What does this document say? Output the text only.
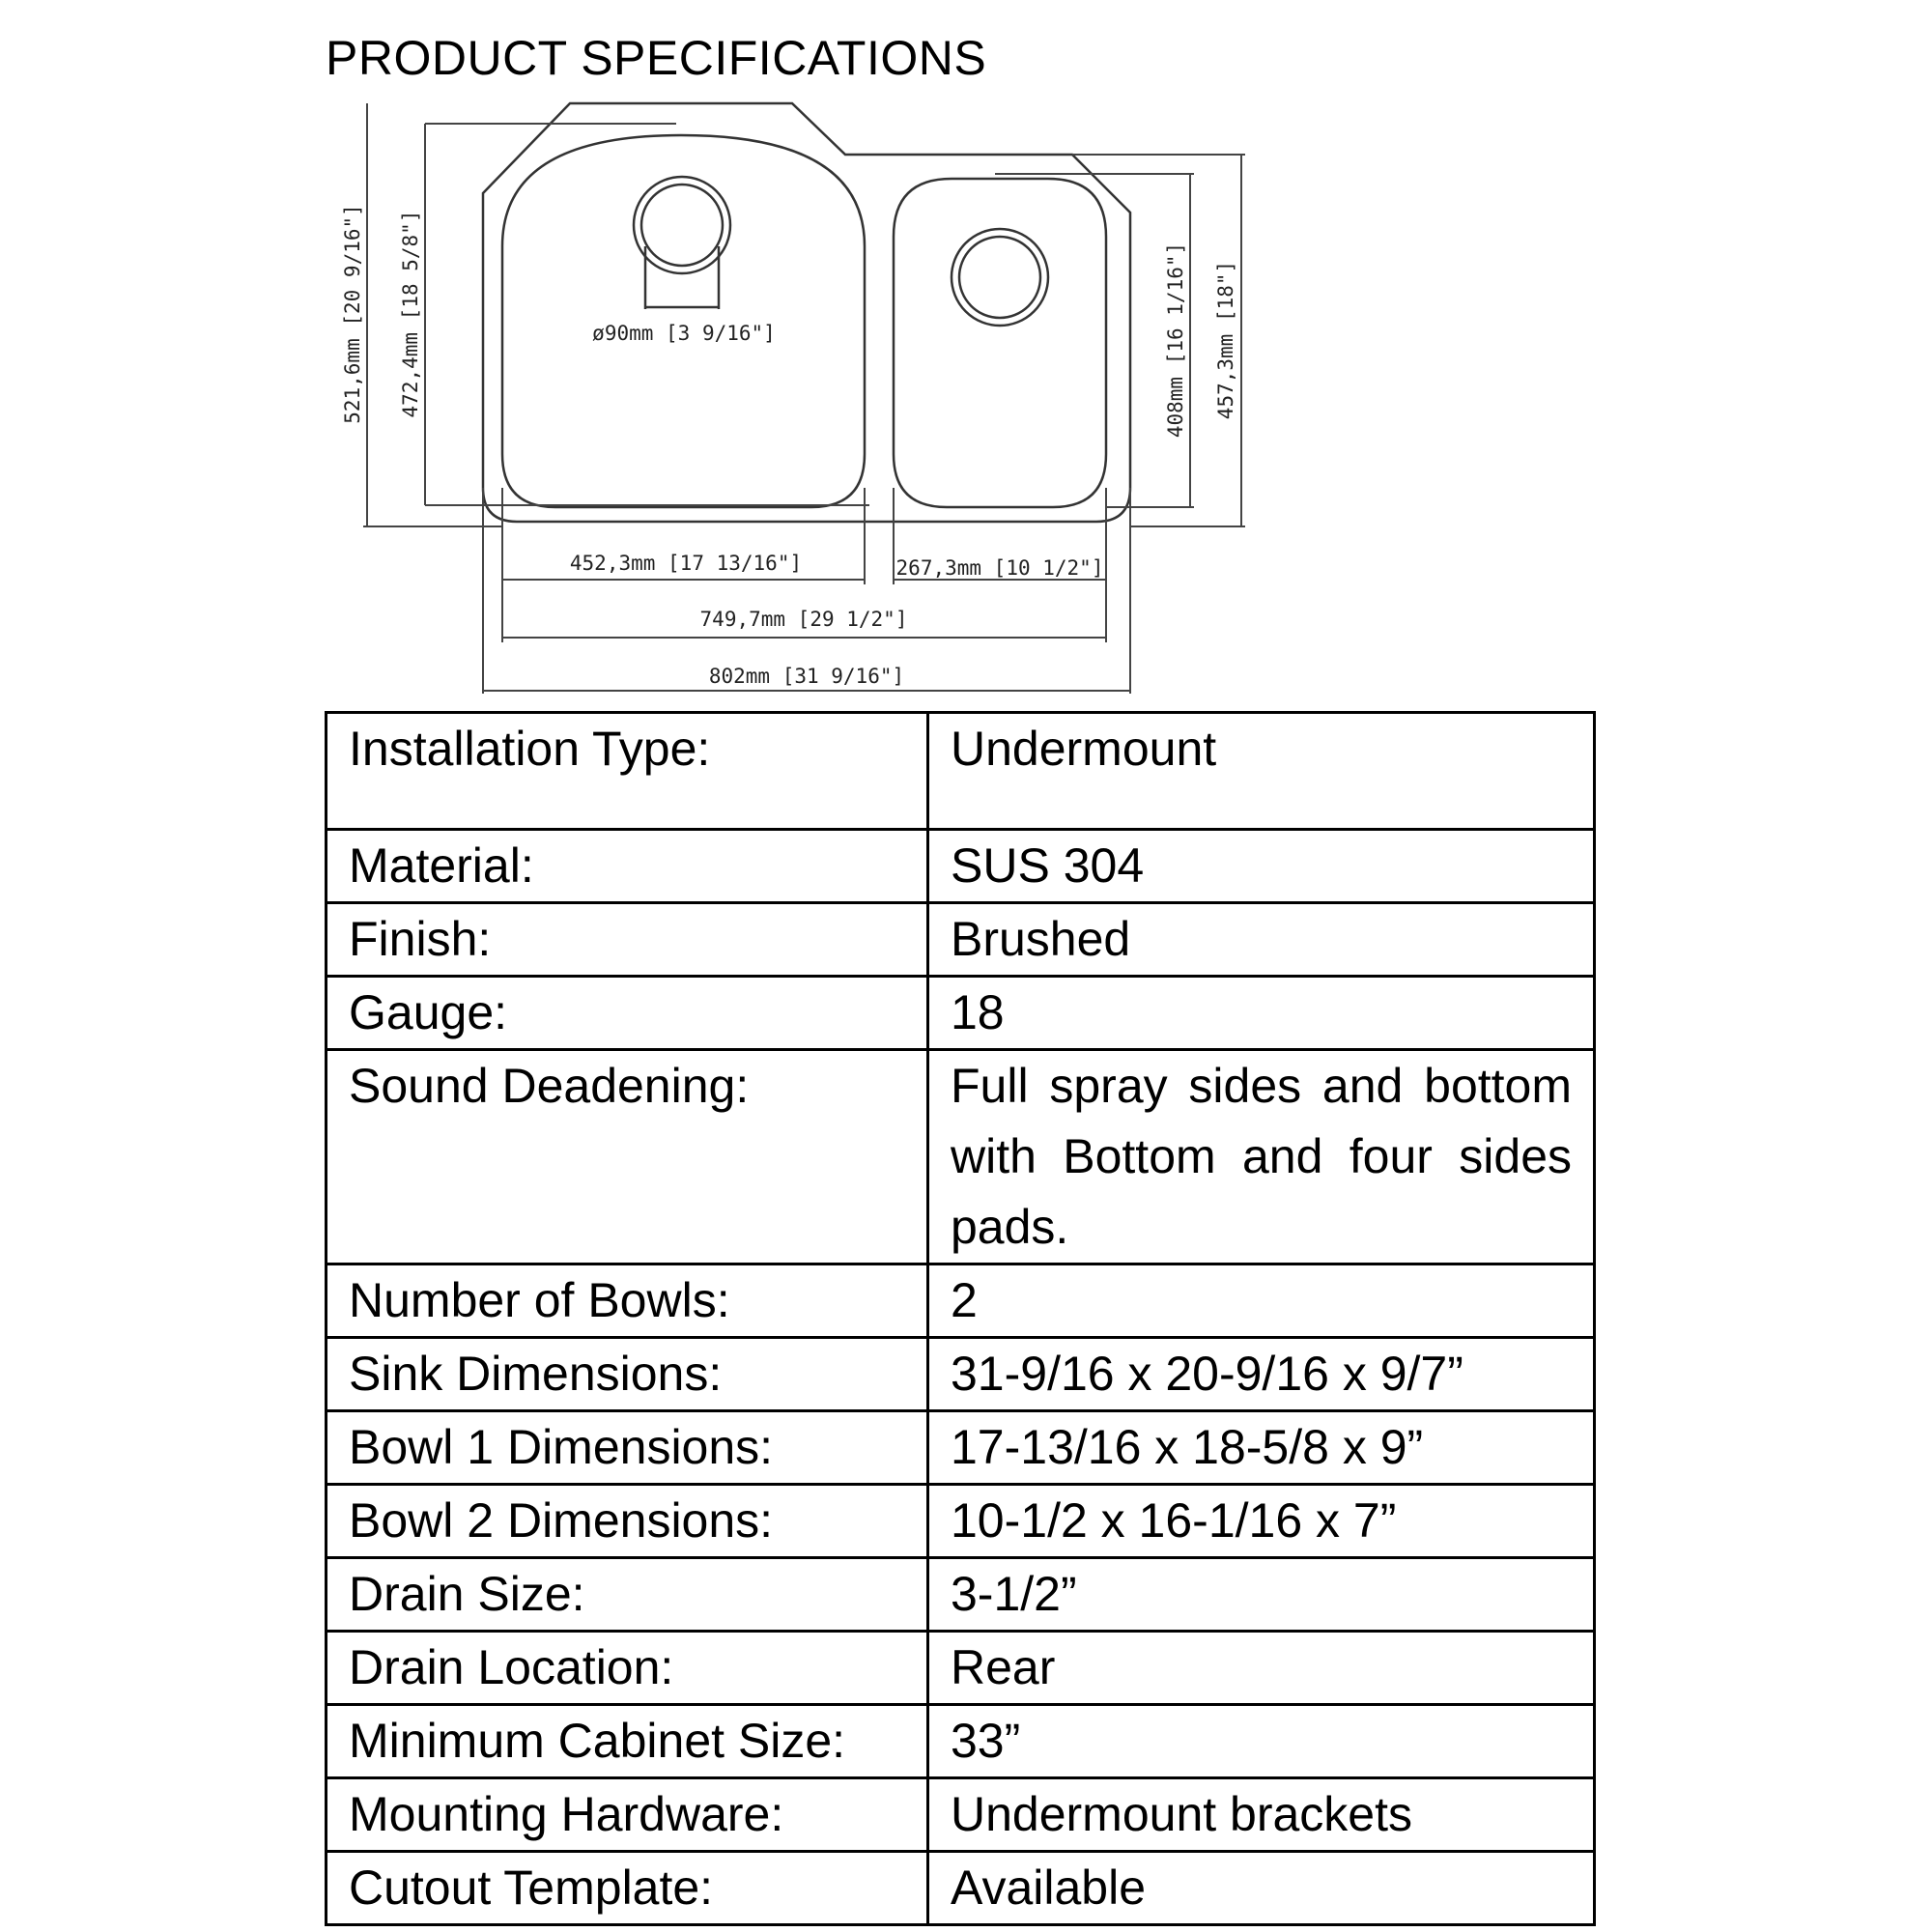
PRODUCT SPECIFICATIONS
ø90mm [3 9/16"]
521,6mm [20 9/16"] 472,4mm [18 5/8"]	408mm [16 1/16"] 457,3mm [18"]
452,3mm [17 13/16"]	267,3mm [10 1/2"]
749,7mm [29 1/2"]
802mm [31 9/16"]
Installation Type:	Undermount
Material:	SUS 304
Finish:	Brushed
Gauge:	18
Sound Deadening:	Full spray sides and bottom with Bottom and four sides pads.
Number of Bowls:	2
Sink Dimensions:	31-9/16 x 20-9/16 x 9/7”
Bowl 1 Dimensions:	17-13/16 x 18-5/8 x 9”
Bowl 2 Dimensions:	10-1/2 x 16-1/16 x 7”
Drain Size:	3-1/2”
Drain Location:	Rear
Minimum Cabinet Size:	33”
Mounting Hardware:	Undermount brackets
Cutout Template:	Available
